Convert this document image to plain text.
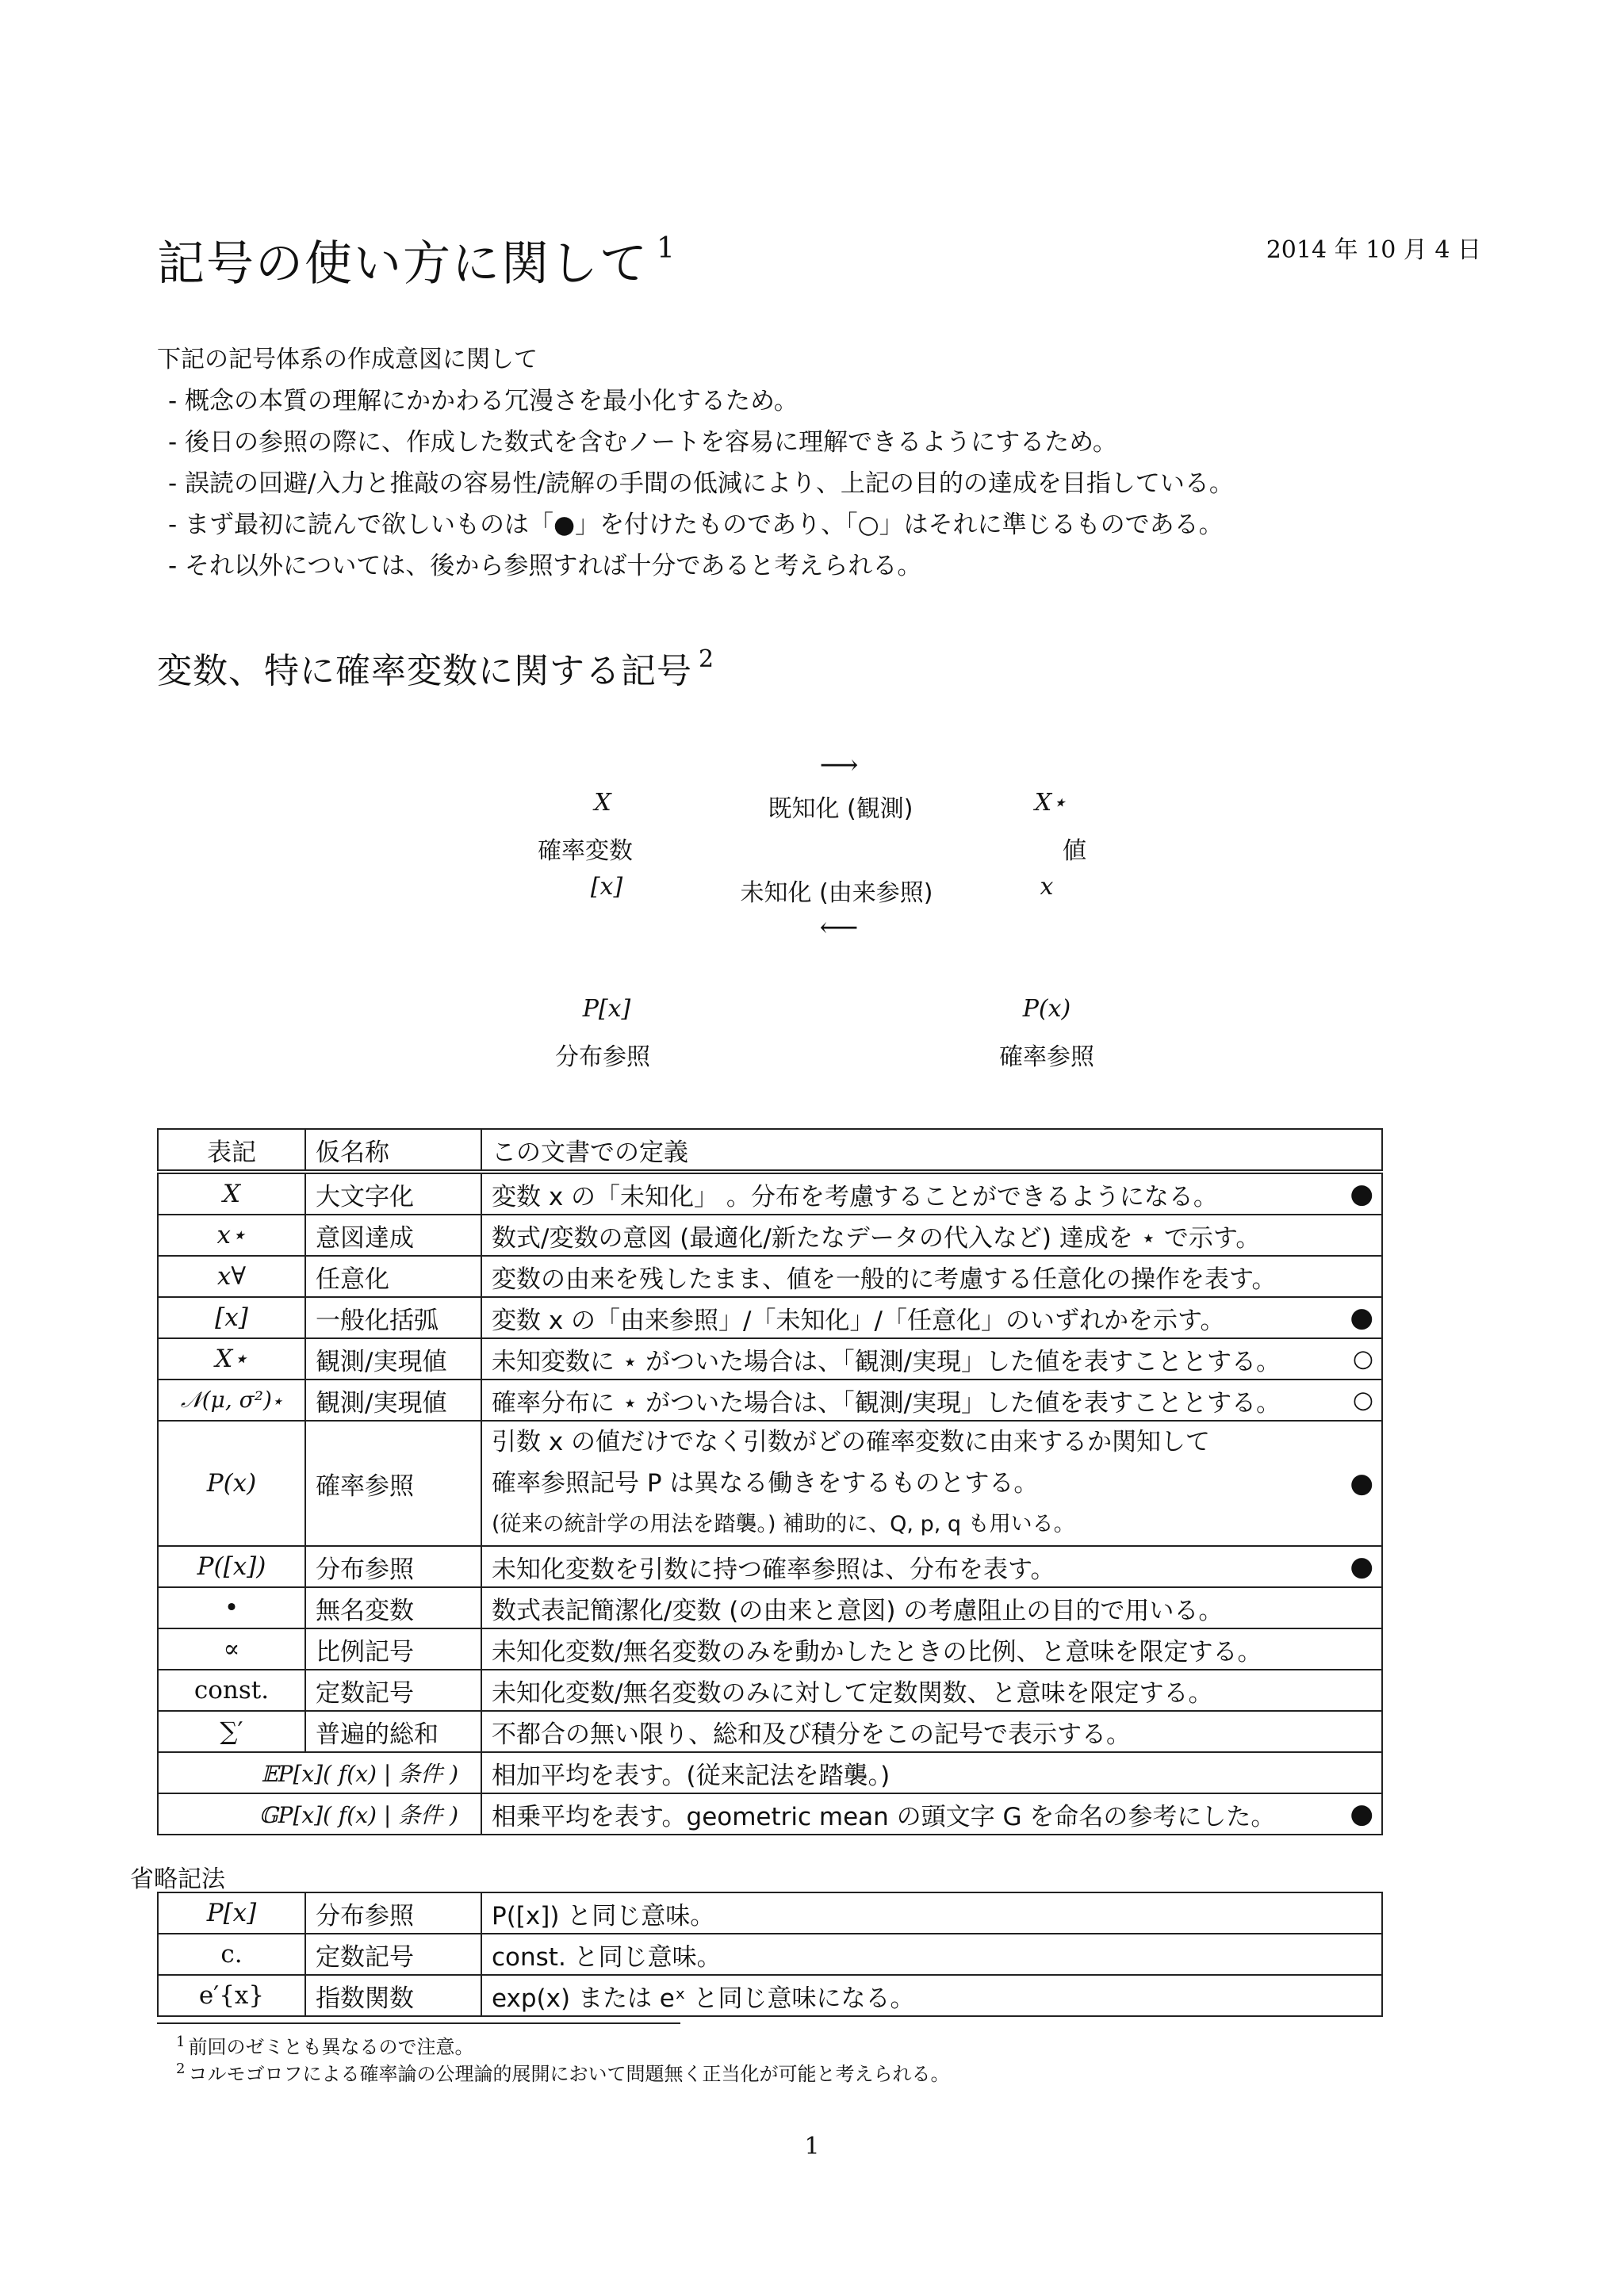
記号の使い方に関して $^1$	2014 年 10 月 4 日
下記の記号体系の作成意図に関して
- 概念の本質の理解にかかわる冗漫さを最小化するため。
- 後日の参照の際に、作成した数式を含むノートを容易に理解できるようにするため。
- 誤読の回避/入力と推敲の容易性/読解の手間の低減により、上記の目的の達成を目指している。
- まず最初に読んで欲しいものは「●」を付けたものであり、「○」はそれに準じるものである。
- それ以外については、後から参照すれば十分であると考えられる。
変数、特に確率変数に関する記号 $^2$
⟶
X	既知化 (観測)	X⋆
確率変数	値
[x]	未知化 (由来参照)	x
⟵
P[x]	P(x)
分布参照	確率参照
表記	仮名称	この文書での定義
X	大文字化	変数 x の「未知化」 。分布を考慮することができるようになる。 ●

x⋆	意図達成	数式/変数の意図 (最適化/新たなデータの代入など) 達成を ⋆ で示す。

x∀	任意化	変数の由来を残したまま、値を一般的に考慮する任意化の操作を表す。

[x]	一般化括弧	変数 x の「由来参照」/「未知化」/「任意化」のいずれかを示す。 ●

X⋆	観測/実現値	未知変数に ⋆ がついた場合は、「観測/実現」した値を表すこととする。 ○

𝒩(μ, σ²)⋆	観測/実現値	確率分布に ⋆ がついた場合は、「観測/実現」した値を表すこととする。 ○

P(x)	確率参照	引数 x の値だけでなく引数がどの確率変数に由来するか関知して
確率参照記号 P は異なる働きをするものとする。
(従来の統計学の用法を踏襲。) 補助的に、Q, p, q も用いる。
●

P([x])	分布参照	未知化変数を引数に持つ確率参照は、分布を表す。 ●

•	無名変数	数式表記簡潔化/変数 (の由来と意図) の考慮阻止の目的で用いる。

∝	比例記号	未知化変数/無名変数のみを動かしたときの比例、と意味を限定する。

const.	定数記号	未知化変数/無名変数のみに対して定数関数、と意味を限定する。

∑′	普遍的総和	不都合の無い限り、総和及び積分をこの記号で表示する。

𝔼P[x]( f(x) | 条件 )		相加平均を表す。(従来記法を踏襲。)

𝔾P[x]( f(x) | 条件 )		相乗平均を表す。geometric mean の頭文字 G を命名の参考にした。 ●
省略記法
P[x]	分布参照	P([x]) と同じ意味。
c.	定数記号	const. と同じ意味。
e′{x}	指数関数	exp(x) または eˣ と同じ意味になる。
$^1$ 前回のゼミとも異なるので注意。
$^2$ コルモゴロフによる確率論の公理論的展開において問題無く正当化が可能と考えられる。
1
